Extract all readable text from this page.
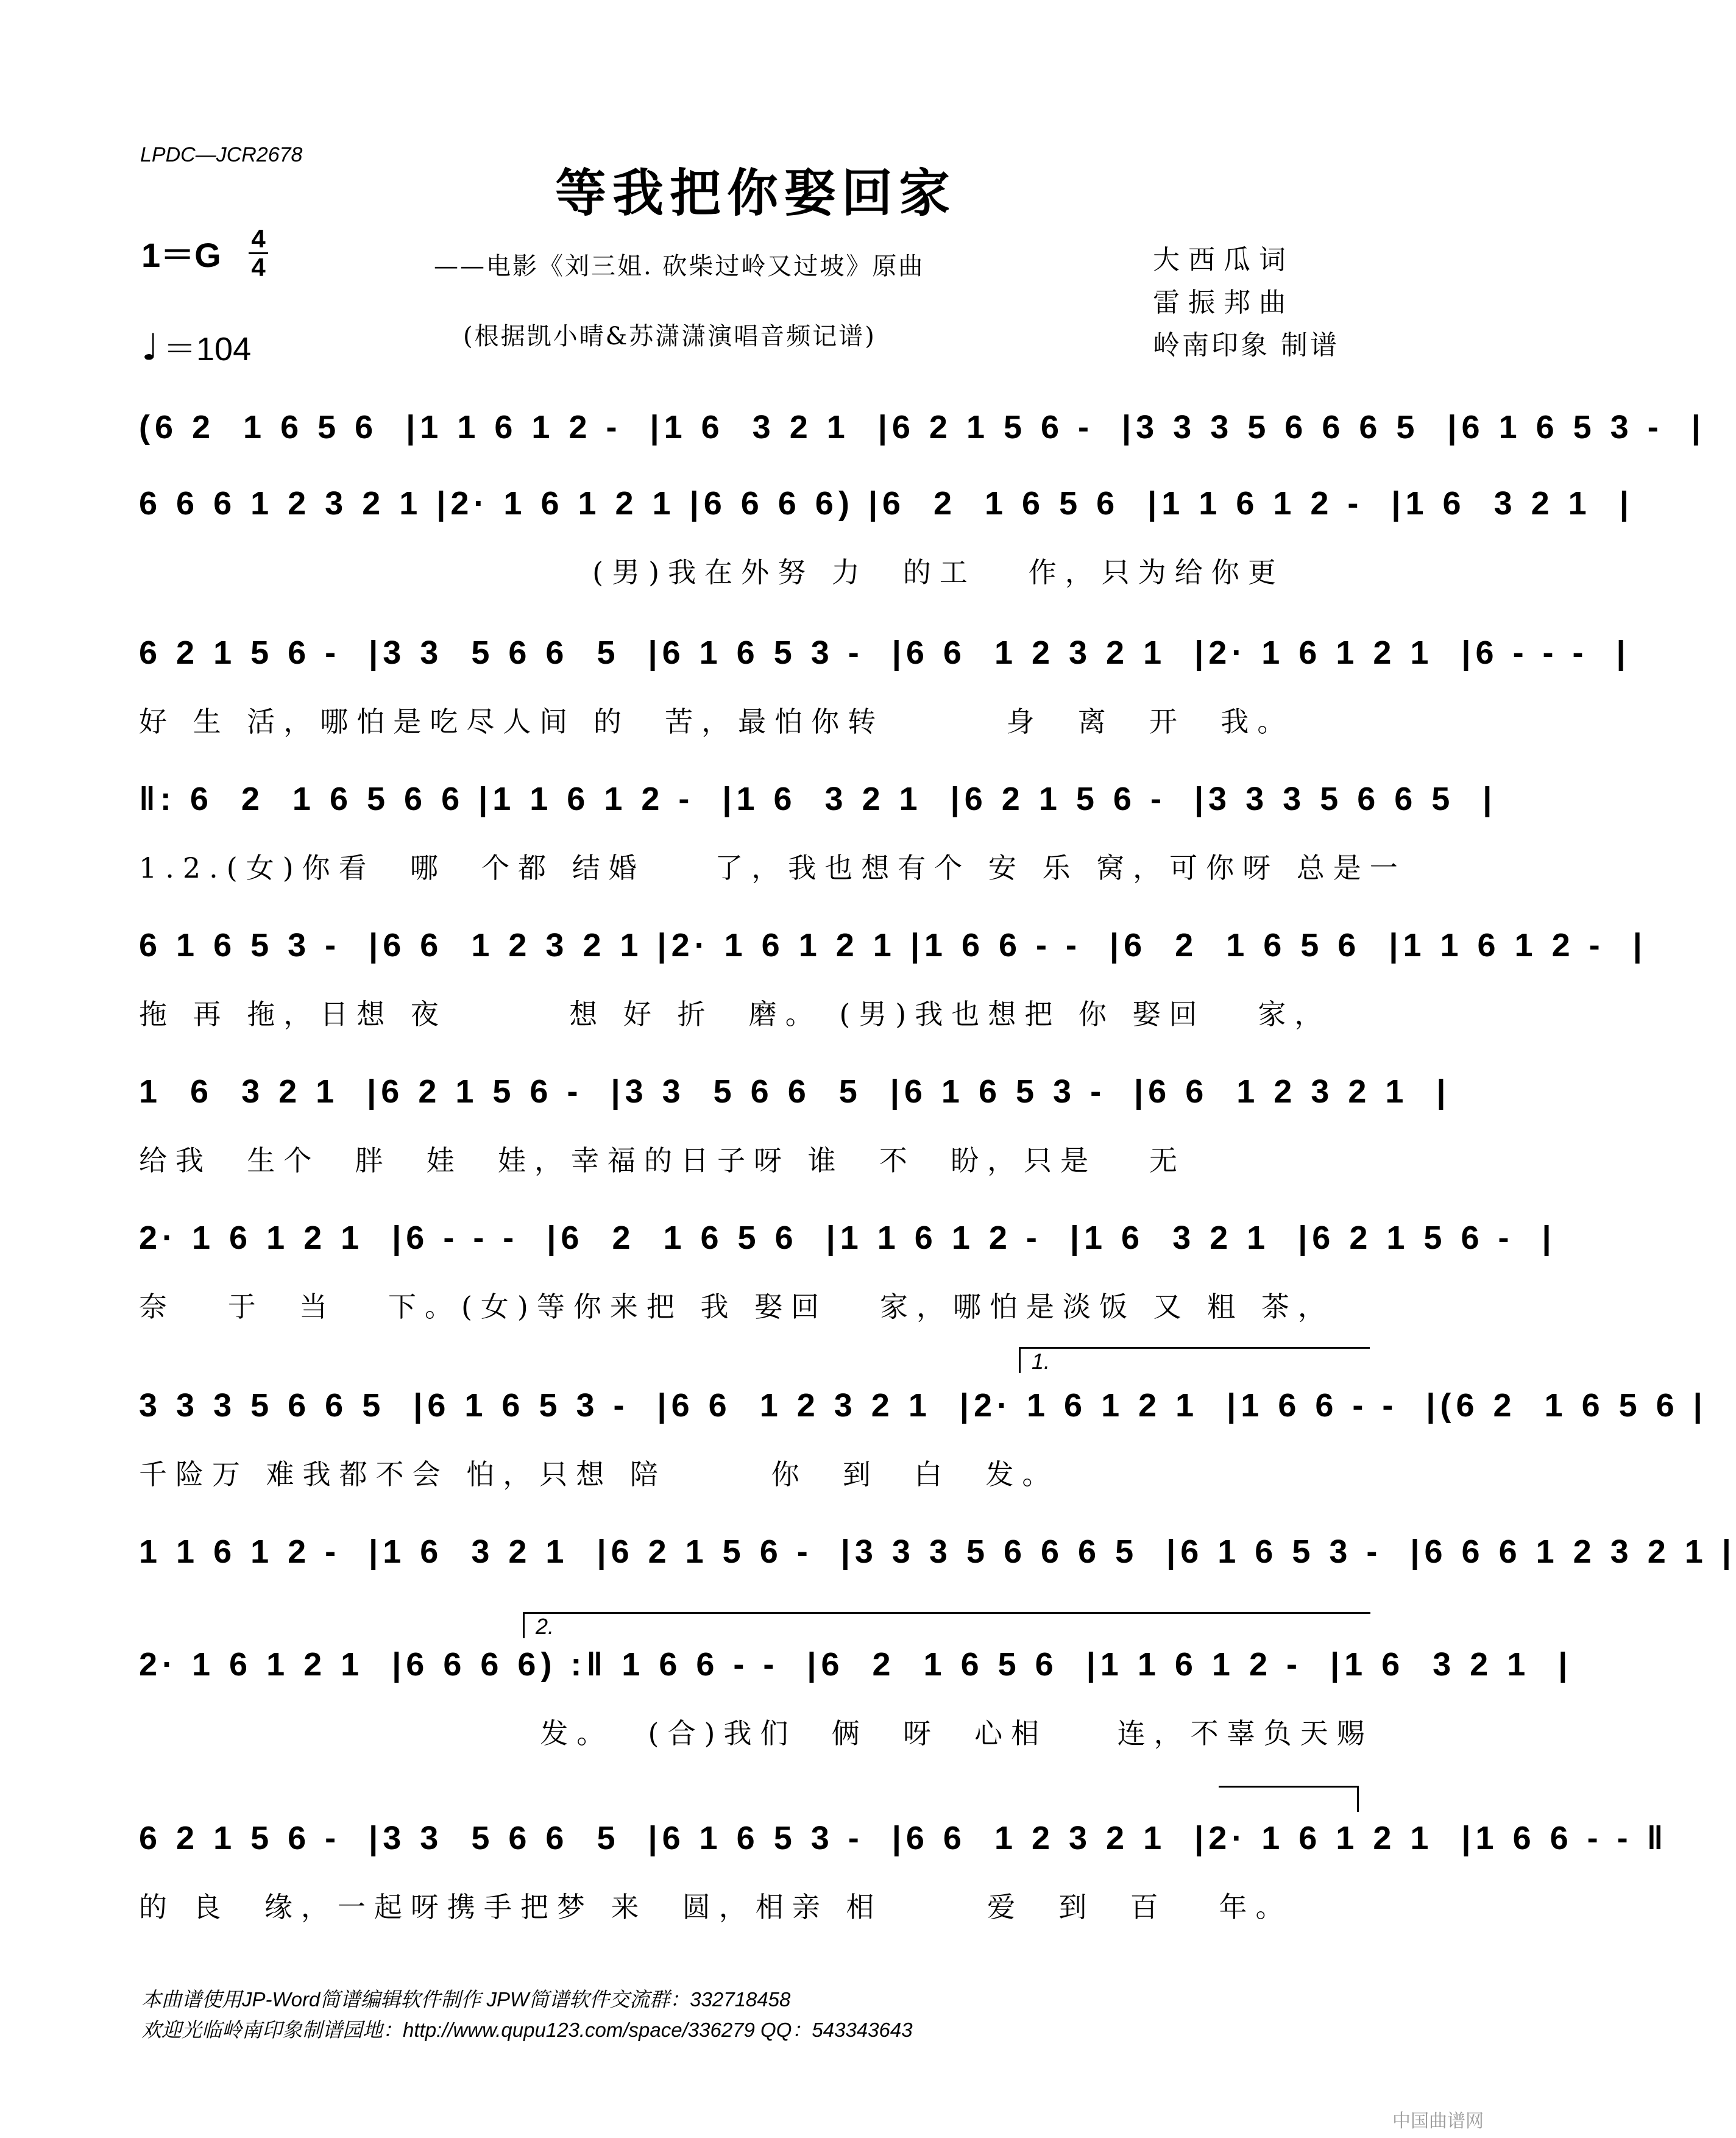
LPDC—JCR2678
等我把你娶回家
1＝G 4
4
♩ ＝104
——电影《刘三姐. 砍柴过岭又过坡》原曲
(根据凯小晴&苏潇潇演唱音频记谱)
大西瓜词
雷振邦曲
岭南印象 制谱
(6 2  1 6 5 6  |1 1 6 1 2 -  |1 6  3 2 1  |6 2 1 5 6 -  |3 3 3 5 6 6 6 5  |6 1 6 5 3 -  |
6 6 6 1 2 3 2 1 |2· 1 6 1 2 1 |6 6 6 6) |6  2  1 6 5 6  |1 1 6 1 2 -  |1 6  3 2 1  |
(男)我在外努 力  的工   作，只为给你更
6 2 1 5 6 -  |3 3  5 6 6  5  |6 1 6 5 3 -  |6 6  1 2 3 2 1  |2· 1 6 1 2 1  |6 - - -  |
好 生 活，哪怕是吃尽人间 的  苦，最怕你转       身  离  开  我。
‖: 6  2  1 6 5 6 6 |1 1 6 1 2 -  |1 6  3 2 1  |6 2 1 5 6 -  |3 3 3 5 6 6 5  |
1.2.(女)你看  哪  个都 结婚    了，我也想有个 安 乐 窝，可你呀 总是一
6 1 6 5 3 -  |6 6  1 2 3 2 1 |2· 1 6 1 2 1 |1 6 6 - -  |6  2  1 6 5 6  |1 1 6 1 2 -  |
拖 再 拖，日想 夜       想 好 折  磨。 (男)我也想把 你 娶回   家，
1  6  3 2 1  |6 2 1 5 6 -  |3 3  5 6 6  5  |6 1 6 5 3 -  |6 6  1 2 3 2 1  |
给我  生个  胖  娃  娃，幸福的日子呀 谁  不  盼，只是   无
2· 1 6 1 2 1  |6 - - -  |6  2  1 6 5 6  |1 1 6 1 2 -  |1 6  3 2 1  |6 2 1 5 6 -  |
奈   于  当   下。(女)等你来把 我 娶回   家，哪怕是淡饭 又 粗 茶，
3 3 3 5 6 6 5  |6 1 6 5 3 -  |6 6  1 2 3 2 1  |2· 1 6 1 2 1  |1 6 6 - -  |(6 2  1 6 5 6 |
千险万 难我都不会 怕，只想 陪      你  到  白  发。
1 1 6 1 2 -  |1 6  3 2 1  |6 2 1 5 6 -  |3 3 3 5 6 6 6 5  |6 1 6 5 3 -  |6 6 6 1 2 3 2 1 |
2· 1 6 1 2 1  |6 6 6 6) :‖ 1 6 6 - -  |6  2  1 6 5 6  |1 1 6 1 2 -  |1 6  3 2 1  |
发。  (合)我们  俩  呀  心相    连，不辜负天赐
6 2 1 5 6 -  |3 3  5 6 6  5  |6 1 6 5 3 -  |6 6  1 2 3 2 1  |2· 1 6 1 2 1  |1 6 6 - - ‖
的 良  缘，一起呀携手把梦 来  圆，相亲 相      爱  到  百   年。
1.
2.
本曲谱使用JP-Word简谱编辑软件制作 JPW简谱软件交流群：332718458
欢迎光临岭南印象制谱园地：http://www.qupu123.com/space/336279 QQ：543343643
中国曲谱网
